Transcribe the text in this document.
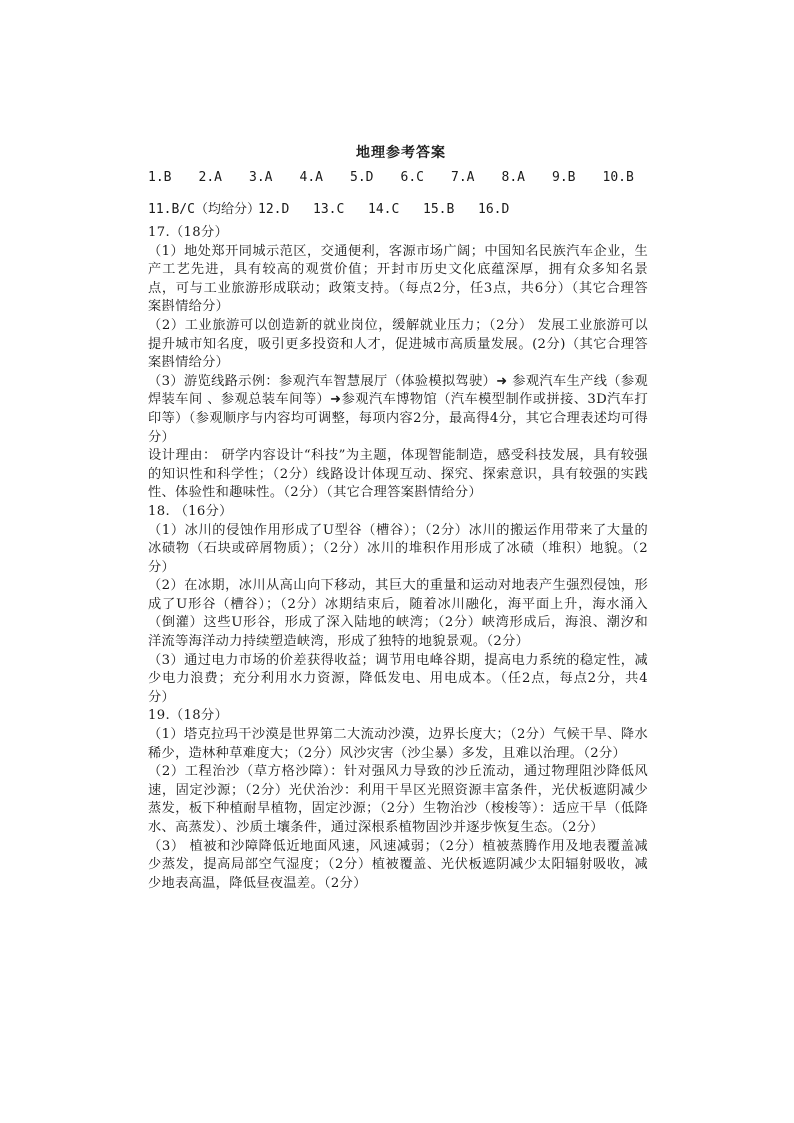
地理参考答案
1.B 2.A 3.A 4.A 5.D 6.C 7.A 8.A 9.B 10.B
11.B/C（均给分）12.D 13.C 14.C 15.B 16.D

17.（18分）

（1）地处郑开同城示范区，交通便利，客源市场广阔；中国知名民族汽车企业，生产工艺先进，具有较高的观赏价值；开封市历史文化底蕴深厚，拥有众多知名景点，可与工业旅游形成联动；政策支持。（每点2分，任3点，共6分）（其它合理答案斟情给分）

（2）工业旅游可以创造新的就业岗位，缓解就业压力；（2分） 发展工业旅游可以提升城市知名度，吸引更多投资和人才，促进城市高质量发展。(2分)（其它合理答案斟情给分）

（3）游览线路示例：参观汽车智慧展厅（体验模拟驾驶）➜ 参观汽车生产线（参观焊装车间 、参观总装车间等）➜参观汽车博物馆（汽车模型制作或拼接、3D汽车打印等）（参观顺序与内容均可调整，每项内容2分，最高得4分，其它合理表述均可得分）

设计理由： 研学内容设计“科技”为主题，体现智能制造，感受科技发展，具有较强的知识性和科学性；（2分）线路设计体现互动、探究、探索意识，具有较强的实践性、体验性和趣味性。（2分）（其它合理答案斟情给分）

18. （16分）

（1）冰川的侵蚀作用形成了U型谷（槽谷）；（2分）冰川的搬运作用带来了大量的冰碛物（石块或碎屑物质）；（2分）冰川的堆积作用形成了冰碛（堆积）地貌。（2分）

（2）在冰期，冰川从高山向下移动，其巨大的重量和运动对地表产生强烈侵蚀，形成了U形谷（槽谷）；（2分）冰期结束后，随着冰川融化，海平面上升，海水涌入（倒灌）这些U形谷，形成了深入陆地的峡湾；（2分）峡湾形成后，海浪、潮汐和洋流等海洋动力持续塑造峡湾，形成了独特的地貌景观。（2分）

（3）通过电力市场的价差获得收益；调节用电峰谷期，提高电力系统的稳定性，减少电力浪费；充分利用水力资源，降低发电、用电成本。（任2点，每点2分，共4分）

19.（18分）

（1）塔克拉玛干沙漠是世界第二大流动沙漠，边界长度大；（2分）气候干旱、降水稀少，造林种草难度大；（2分）风沙灾害（沙尘暴）多发，且难以治理。（2分）

（2）工程治沙（草方格沙障）：针对强风力导致的沙丘流动，通过物理阻沙降低风速，固定沙源；（2分）光伏治沙：利用干旱区光照资源丰富条件，光伏板遮阴减少蒸发，板下种植耐旱植物，固定沙源；（2分）生物治沙（梭梭等）：适应干旱（低降水、高蒸发）、沙质土壤条件，通过深根系植物固沙并逐步恢复生态。（2分）

（3） 植被和沙障降低近地面风速，风速减弱；（2分）植被蒸腾作用及地表覆盖减少蒸发，提高局部空气湿度；（2分）植被覆盖、光伏板遮阴减少太阳辐射吸收，减少地表高温，降低昼夜温差。（2分）
